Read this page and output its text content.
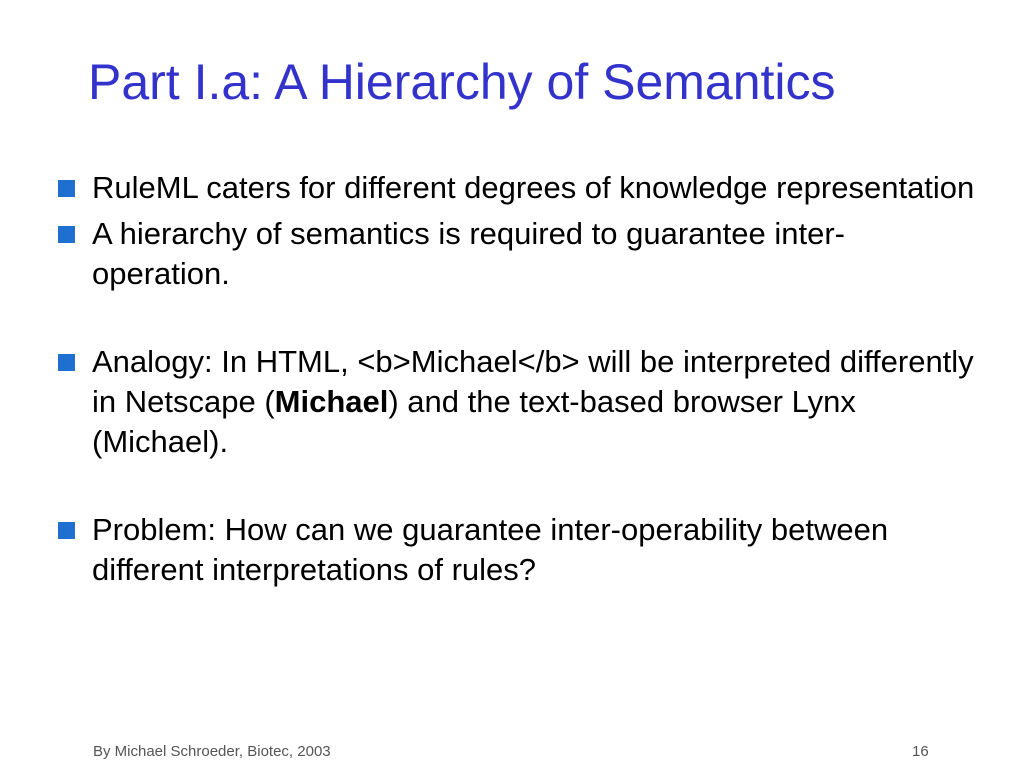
Part I.a: A Hierarchy of Semantics
RuleML caters for different degrees of knowledge representation
A hierarchy of semantics is required to guarantee inter-operation.
Analogy: In HTML, <b>Michael</b> will be interpreted differently in Netscape (Michael) and the text-based browser Lynx (Michael).
Problem: How can we guarantee inter-operability between different interpretations of rules?
By Michael Schroeder, Biotec, 2003	16
